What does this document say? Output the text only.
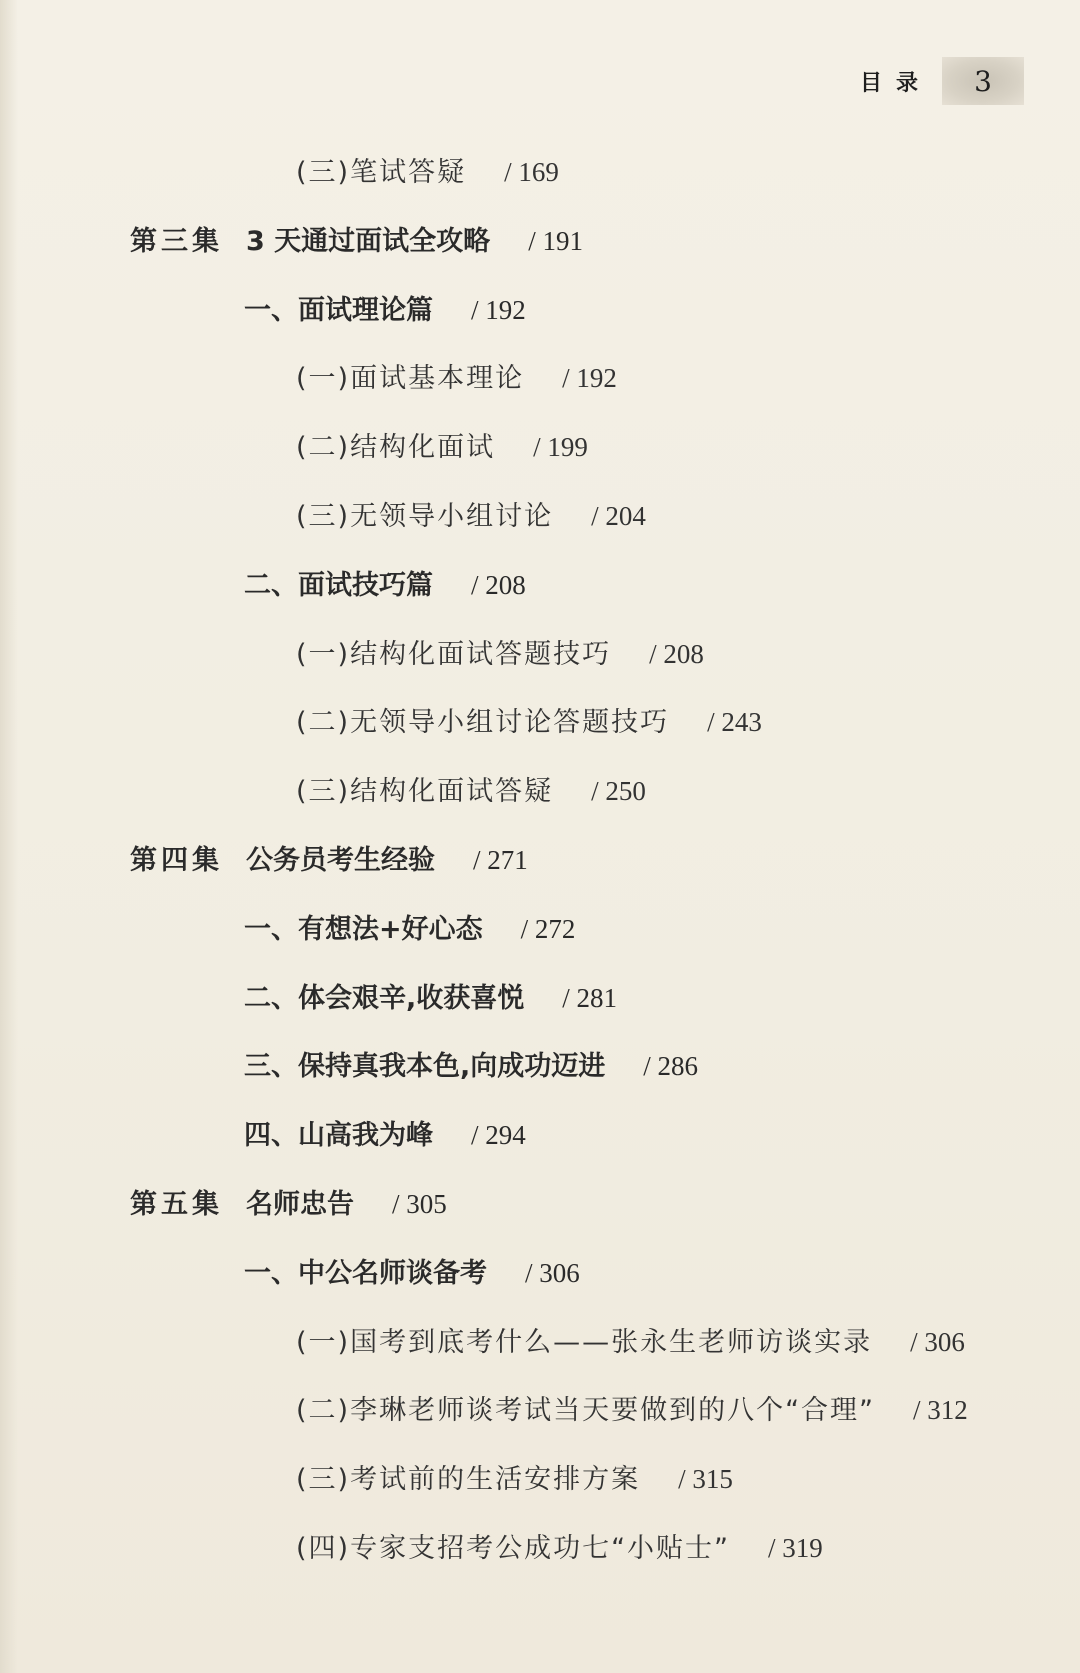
目录	3
(三)笔试答疑 / 169
第三集 3 天通过面试全攻略 / 191
一、面试理论篇 / 192
(一)面试基本理论 / 192
(二)结构化面试 / 199
(三)无领导小组讨论 / 204
二、面试技巧篇 / 208
(一)结构化面试答题技巧 / 208
(二)无领导小组讨论答题技巧 / 243
(三)结构化面试答疑 / 250
第四集 公务员考生经验 / 271
一、有想法+好心态 / 272
二、体会艰辛,收获喜悦 / 281
三、保持真我本色,向成功迈进 / 286
四、山高我为峰 / 294
第五集 名师忠告 / 305
一、中公名师谈备考 / 306
(一)国考到底考什么——张永生老师访谈实录 / 306
(二)李琳老师谈考试当天要做到的八个“合理” / 312
(三)考试前的生活安排方案 / 315
(四)专家支招考公成功七“小贴士” / 319
